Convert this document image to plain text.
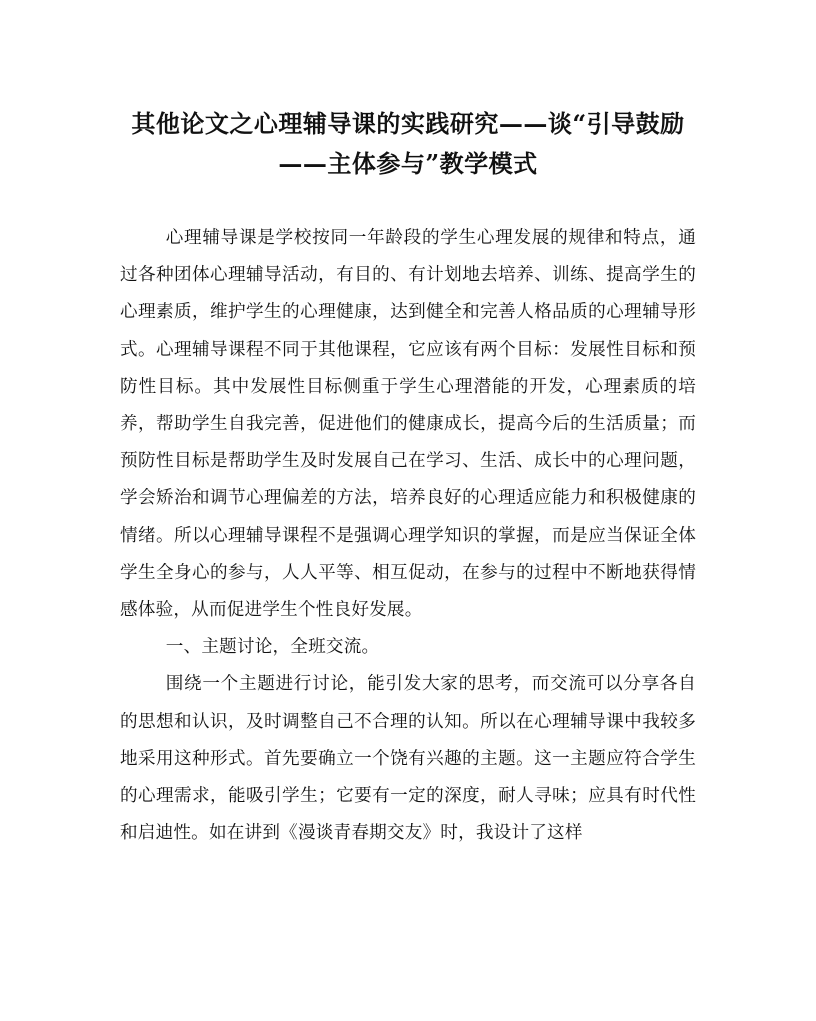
其他论文之心理辅导课的实践研究——谈“引导鼓励
——主体参与”教学模式

心理辅导课是学校按同一年龄段的学生心理发展的规律和特点，通过各种团体心理辅导活动，有目的、有计划地去培养、训练、提高学生的心理素质，维护学生的心理健康，达到健全和完善人格品质的心理辅导形式。心理辅导课程不同于其他课程，它应该有两个目标：发展性目标和预防性目标。其中发展性目标侧重于学生心理潜能的开发，心理素质的培养，帮助学生自我完善，促进他们的健康成长，提高今后的生活质量；而预防性目标是帮助学生及时发展自己在学习、生活、成长中的心理问题，学会矫治和调节心理偏差的方法，培养良好的心理适应能力和积极健康的情绪。所以心理辅导课程不是强调心理学知识的掌握，而是应当保证全体学生全身心的参与，人人平等、相互促动，在参与的过程中不断地获得情感体验，从而促进学生个性良好发展。

一、主题讨论，全班交流。

围绕一个主题进行讨论，能引发大家的思考，而交流可以分享各自的思想和认识，及时调整自己不合理的认知。所以在心理辅导课中我较多地采用这种形式。首先要确立一个饶有兴趣的主题。这一主题应符合学生的心理需求，能吸引学生；它要有一定的深度，耐人寻味；应具有时代性和启迪性。如在讲到《漫谈青春期交友》时，我设计了这样
